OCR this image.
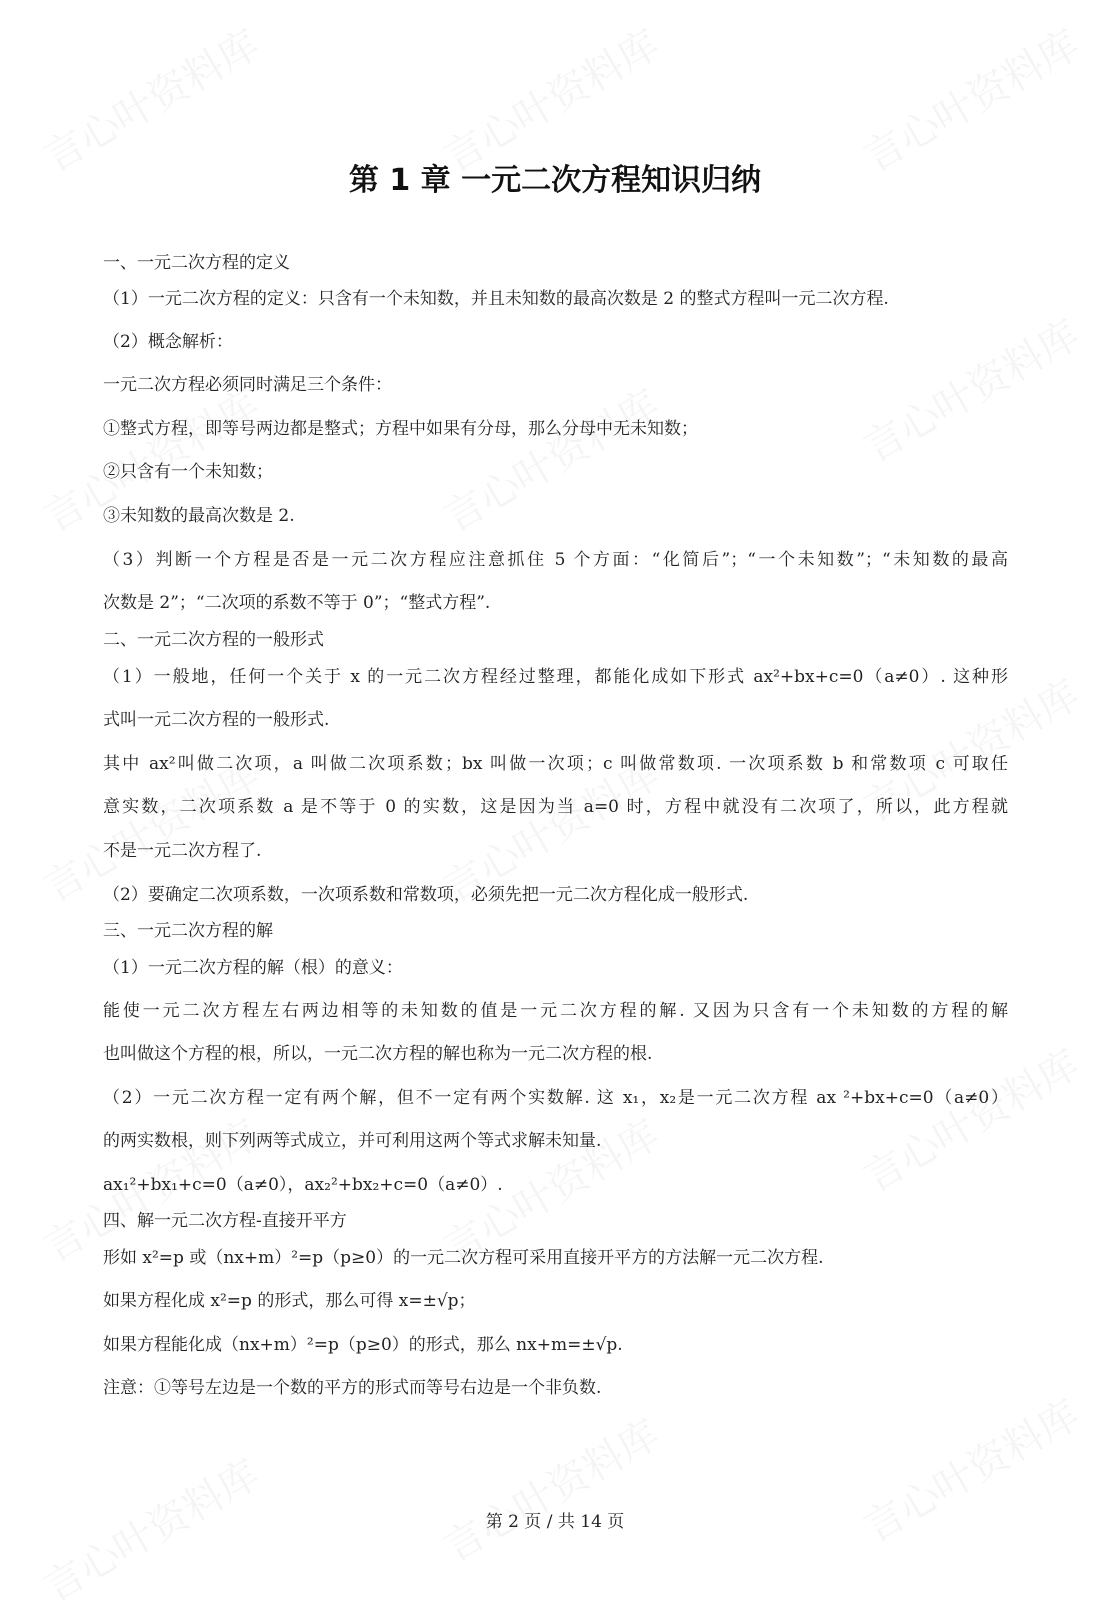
第 1 章 一元二次方程知识归纳
一、一元二次方程的定义
（1）一元二次方程的定义：只含有一个未知数，并且未知数的最高次数是 2 的整式方程叫一元二次方程.
（2）概念解析：
一元二次方程必须同时满足三个条件：
①整式方程，即等号两边都是整式；方程中如果有分母，那么分母中无未知数；
②只含有一个未知数；
③未知数的最高次数是 2.
（3）判断一个方程是否是一元二次方程应注意抓住 5 个方面：“化简后”；“一个未知数”；“未知数的最高
次数是 2”；“二次项的系数不等于 0”；“整式方程”.
二、一元二次方程的一般形式
（1）一般地，任何一个关于 x 的一元二次方程经过整理，都能化成如下形式 ax²+bx+c=0（a≠0）. 这种形
式叫一元二次方程的一般形式.
其中 ax²叫做二次项，a 叫做二次项系数；bx 叫做一次项；c 叫做常数项. 一次项系数 b 和常数项 c 可取任
意实数，二次项系数 a 是不等于 0 的实数，这是因为当 a=0 时，方程中就没有二次项了，所以，此方程就
不是一元二次方程了.
（2）要确定二次项系数，一次项系数和常数项，必须先把一元二次方程化成一般形式.
三、一元二次方程的解
（1）一元二次方程的解（根）的意义：
能使一元二次方程左右两边相等的未知数的值是一元二次方程的解. 又因为只含有一个未知数的方程的解
也叫做这个方程的根，所以，一元二次方程的解也称为一元二次方程的根.
（2）一元二次方程一定有两个解，但不一定有两个实数解. 这 x₁，x₂是一元二次方程 ax ²+bx+c=0（a≠0）
的两实数根，则下列两等式成立，并可利用这两个等式求解未知量.
ax₁²+bx₁+c=0（a≠0），ax₂²+bx₂+c=0（a≠0）.
四、解一元二次方程-直接开平方
形如 x²=p 或（nx+m）²=p（p≥0）的一元二次方程可采用直接开平方的方法解一元二次方程.
如果方程化成 x²=p 的形式，那么可得 x=±√p；
如果方程能化成（nx+m）²=p（p≥0）的形式，那么 nx+m=±√p.
注意：①等号左边是一个数的平方的形式而等号右边是一个非负数.
第 2 页 / 共 14 页
